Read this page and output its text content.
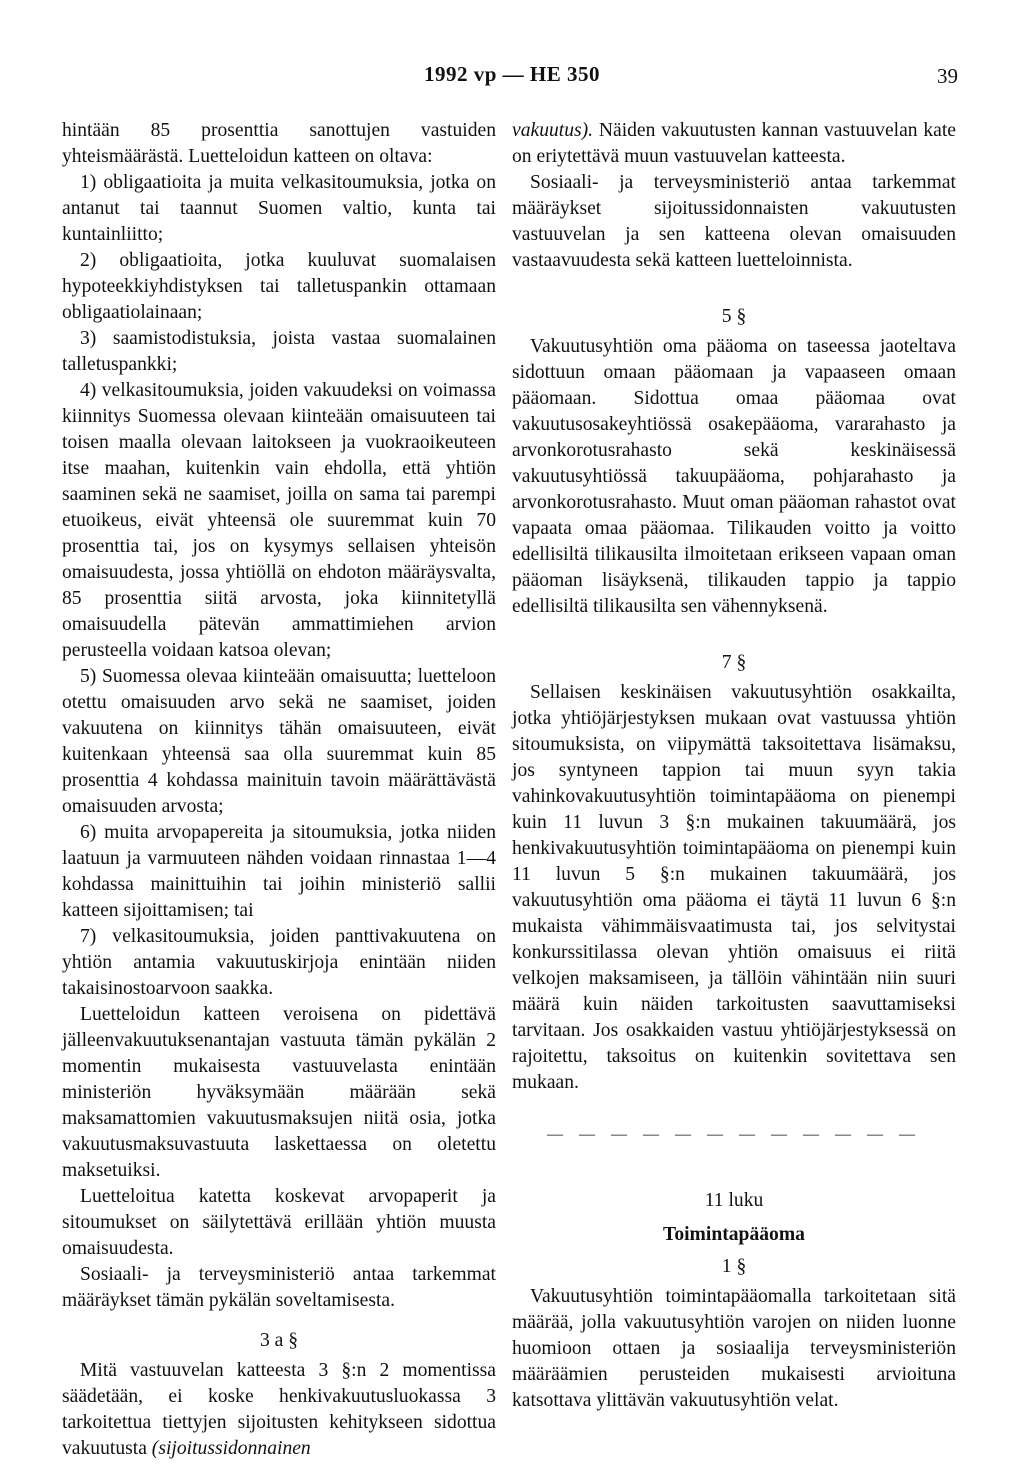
1992 vp — HE 350	39

hintään 85 prosenttia sanottujen vastuiden yhteismäärästä. Luetteloidun katteen on oltava:

1) obligaatioita ja muita velkasitoumuksia, jotka on antanut tai taannut Suomen valtio, kunta tai kuntainliitto;

2) obligaatioita, jotka kuuluvat suomalaisen hypoteekkiyhdistyksen tai talletuspankin ottamaan obligaatiolainaan;

3) saamistodistuksia, joista vastaa suomalainen talletuspankki;

4) velkasitoumuksia, joiden vakuudeksi on voimassa kiinnitys Suomessa olevaan kiinteään omaisuuteen tai toisen maalla olevaan laitokseen ja vuokraoikeuteen itse maahan, kuitenkin vain ehdolla, että yhtiön saaminen sekä ne saamiset, joilla on sama tai parempi etuoikeus, eivät yhteensä ole suuremmat kuin 70 prosenttia tai, jos on kysymys sellaisen yhteisön omaisuudesta, jossa yhtiöllä on ehdoton määräysvalta, 85 prosenttia siitä arvosta, joka kiinnitetyllä omaisuudella pätevän ammattimiehen arvion perusteella voidaan katsoa olevan;

5) Suomessa olevaa kiinteään omaisuutta; luetteloon otettu omaisuuden arvo sekä ne saamiset, joiden vakuutena on kiinnitys tähän omaisuuteen, eivät kuitenkaan yhteensä saa olla suuremmat kuin 85 prosenttia 4 kohdassa mainituin tavoin määrättävästä omaisuuden arvosta;

6) muita arvopapereita ja sitoumuksia, jotka niiden laatuun ja varmuuteen nähden voidaan rinnastaa 1—4 kohdassa mainittuihin tai joihin ministeriö sallii katteen sijoittamisen; tai

7) velkasitoumuksia, joiden panttivakuutena on yhtiön antamia vakuutuskirjoja enintään niiden takaisinostoarvoon saakka.

Luetteloidun katteen veroisena on pidettävä jälleenvakuutuksenantajan vastuuta tämän pykälän 2 momentin mukaisesta vastuuvelasta enintään ministeriön hyväksymään määrään sekä maksamattomien vakuutusmaksujen niitä osia, jotka vakuutusmaksuvastuuta laskettaessa on oletettu maksetuiksi.

Luetteloitua katetta koskevat arvopaperit ja sitoumukset on säilytettävä erillään yhtiön muusta omaisuudesta.

Sosiaali- ja terveysministeriö antaa tarkemmat määräykset tämän pykälän soveltamisesta.

3 a §

Mitä vastuuvelan katteesta 3 §:n 2 momentissa säädetään, ei koske henkivakuutusluokassa 3 tarkoitettua tiettyjen sijoitusten kehitykseen sidottua vakuutusta (sijoitussidonnainen

vakuutus). Näiden vakuutusten kannan vastuuvelan kate on eriytettävä muun vastuuvelan katteesta.

Sosiaali- ja terveysministeriö antaa tarkemmat määräykset sijoitussidonnaisten vakuutusten vastuuvelan ja sen katteena olevan omaisuuden vastaavuudesta sekä katteen luetteloinnista.

5 §

Vakuutusyhtiön oma pääoma on taseessa jaoteltava sidottuun omaan pääomaan ja vapaaseen omaan pääomaan. Sidottua omaa pääomaa ovat vakuutusosakeyhtiössä osakepääoma, vararahasto ja arvonkorotusrahasto sekä keskinäisessä vakuutusyhtiössä takuupääoma, pohjarahasto ja arvonkorotusrahasto. Muut oman pääoman rahastot ovat vapaata omaa pääomaa. Tilikauden voitto ja voitto edellisiltä tilikausilta ilmoitetaan erikseen vapaan oman pääoman lisäyksenä, tilikauden tappio ja tappio edellisiltä tilikausilta sen vähennyksenä.

7 §

Sellaisen keskinäisen vakuutusyhtiön osakkailta, jotka yhtiöjärjestyksen mukaan ovat vastuussa yhtiön sitoumuksista, on viipymättä taksoitettava lisämaksu, jos syntyneen tappion tai muun syyn takia vahinkovakuutusyhtiön toimintapääoma on pienempi kuin 11 luvun 3 §:n mukainen takuumäärä, jos henkivakuutusyhtiön toimintapääoma on pienempi kuin 11 luvun 5 §:n mukainen takuumäärä, jos vakuutusyhtiön oma pääoma ei täytä 11 luvun 6 §:n mukaista vähimmäisvaatimusta tai, jos selvitystai konkurssitilassa olevan yhtiön omaisuus ei riitä velkojen maksamiseen, ja tällöin vähintään niin suuri määrä kuin näiden tarkoitusten saavuttamiseksi tarvitaan. Jos osakkaiden vastuu yhtiöjärjestyksessä on rajoitettu, taksoitus on kuitenkin sovitettava sen mukaan.

— — — — — — — — — — — —
11 luku
Toimintapääoma
1 §

Vakuutusyhtiön toimintapääomalla tarkoitetaan sitä määrää, jolla vakuutusyhtiön varojen on niiden luonne huomioon ottaen ja sosiaalija terveysministeriön määräämien perusteiden mukaisesti arvioituna katsottava ylittävän vakuutusyhtiön velat.
